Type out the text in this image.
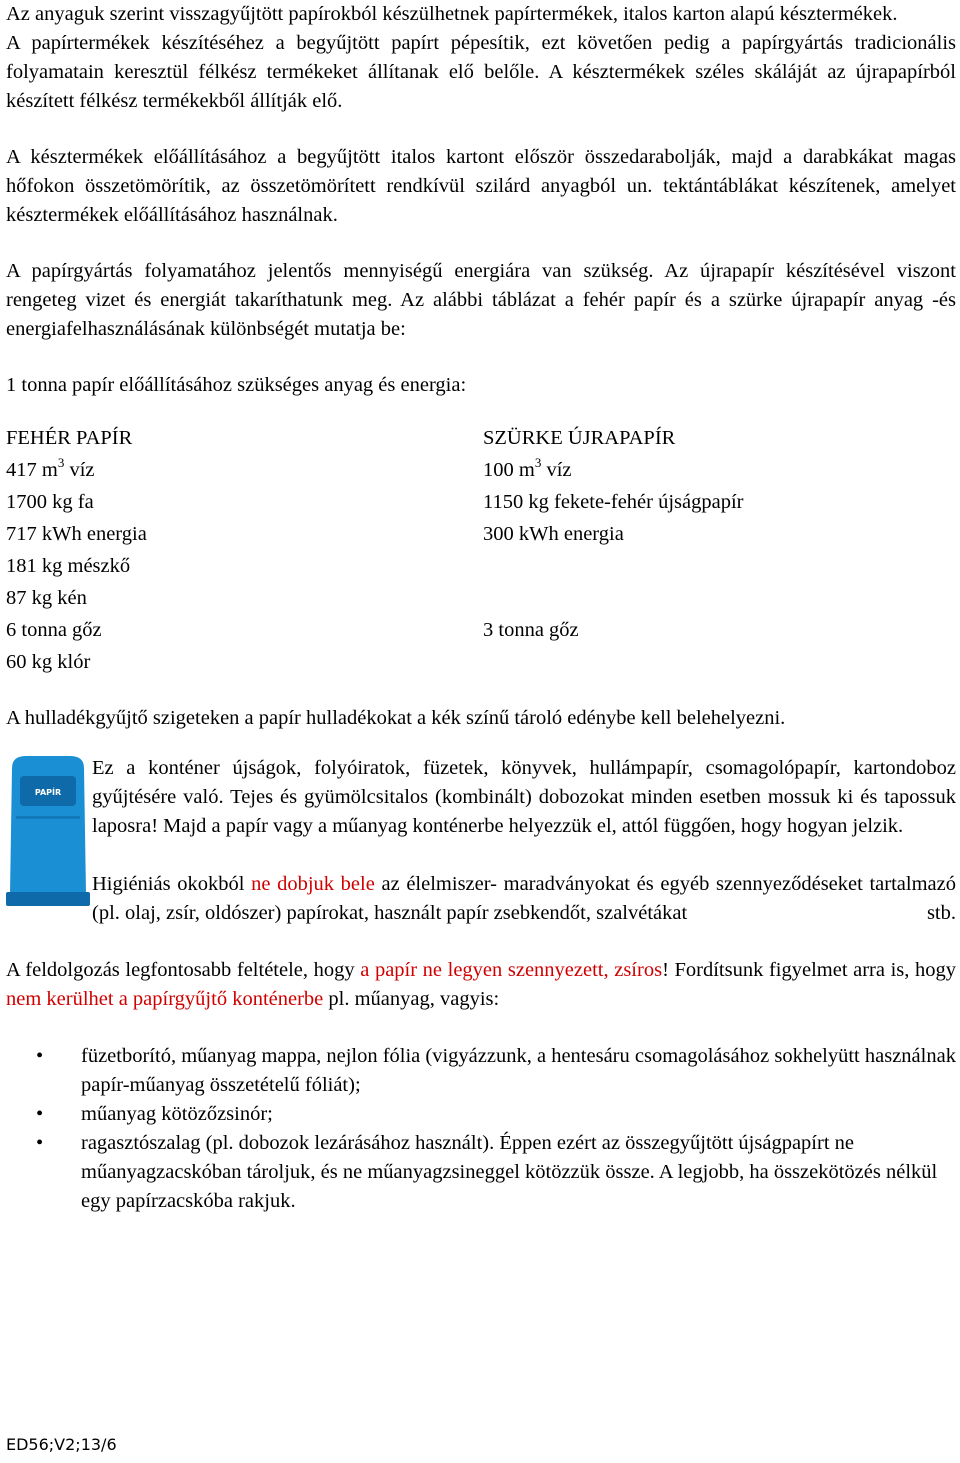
Az anyaguk szerint visszagyűjtött papírokból készülhetnek papírtermékek, italos karton alapú késztermékek.

A papírtermékek készítéséhez a begyűjtött papírt pépesítik, ezt követően pedig a papírgyártás tradicionális folyamatain keresztül félkész termékeket állítanak elő belőle. A késztermékek széles skáláját az újrapapírból készített félkész termékekből állítják elő.

A késztermékek előállításához a begyűjtött italos kartont először összedarabolják, majd a darabkákat magas hőfokon összetömörítik, az összetömörített rendkívül szilárd anyagból un. tektántáblákat készítenek, amelyet késztermékek előállításához használnak.

A papírgyártás folyamatához jelentős mennyiségű energiára van szükség. Az újrapapír készítésével viszont rengeteg vizet és energiát takaríthatunk meg. Az alábbi táblázat a fehér papír és a szürke újrapapír anyag -és energiafelhasználásának különbségét mutatja be:

1 tonna papír előállításához szükséges anyag és energia:

FEHÉR PAPÍR	SZÜRKE ÚJRAPAPÍR
417 $m^3$ víz	100 $m^3$ víz
1700 kg fa	1150 kg fekete-fehér újságpapír
717 kWh energia	300 kWh energia
181 kg mészkő	
87 kg kén	
6 tonna gőz	3 tonna gőz
60 kg klór	

A hulladékgyűjtő szigeteken a papír hulladékokat a kék színű tároló edénybe kell belehelyezni.

PAPÍR

Ez a konténer újságok, folyóiratok, füzetek, könyvek, hullámpapír, csomagolópapír, kartondoboz gyűjtésére való. Tejes és gyümölcsitalos (kombinált) dobozokat minden esetben mossuk ki és tapossuk laposra! Majd a papír vagy a műanyag konténerbe helyezzük el, attól függően, hogy hogyan jelzik.

Higiéniás okokból ne dobjuk bele az élelmiszer- maradványokat és egyéb szennyeződéseket tartalmazó (pl. olaj, zsír, oldószer) papírokat, használt papír zsebkendőt, szalvétákat	stb.

A feldolgozás legfontosabb feltétele, hogy a papír ne legyen szennyezett, zsíros! Fordítsunk figyelmet arra is, hogy nem kerülhet a papírgyűjtő konténerbe pl. műanyag, vagyis:

• füzetborító, műanyag mappa, nejlon fólia (vigyázzunk, a hentesáru csomagolásához sokhelyütt használnak papír-műanyag összetételű fóliát);
• műanyag kötözőzsinór;
• ragasztószalag (pl. dobozok lezárásához használt). Éppen ezért az összegyűjtött újságpapírt ne műanyagzacskóban tároljuk, és ne műanyagzsineggel kötözzük össze. A legjobb, ha összekötözés nélkül egy papírzacskóba rakjuk.
ED56;V2;13/6
